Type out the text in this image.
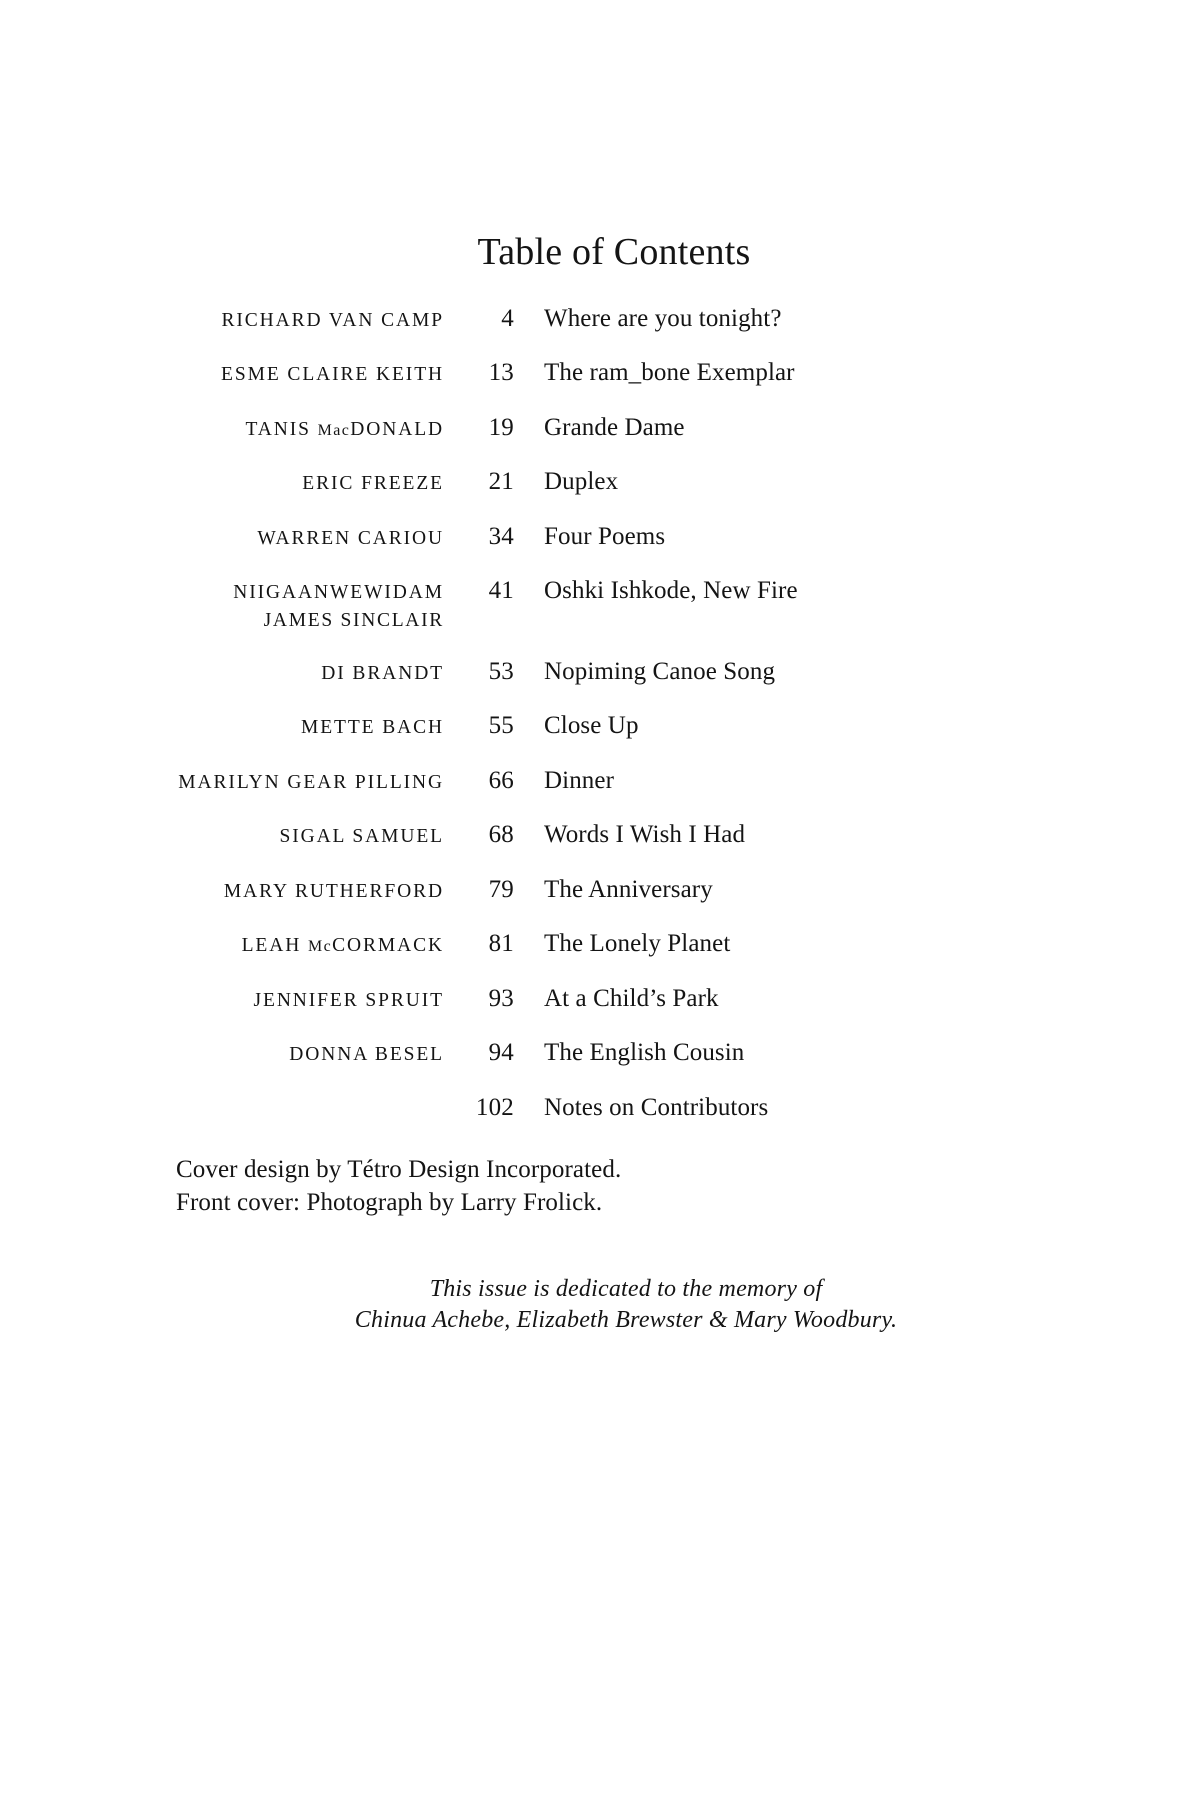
Table of Contents
RICHARD VAN CAMP	4	Where are you tonight?
ESME CLAIRE KEITH	13	The ram_bone Exemplar
TANIS MacDONALD	19	Grande Dame
ERIC FREEZE	21	Duplex
WARREN CARIOU	34	Four Poems
NIIGAANWEWIDAM	41	Oshki Ishkode, New Fire
JAMES SINCLAIR		
DI BRANDT	53	Nopiming Canoe Song
METTE BACH	55	Close Up
MARILYN GEAR PILLING	66	Dinner
SIGAL SAMUEL	68	Words I Wish I Had
MARY RUTHERFORD	79	The Anniversary
LEAH McCORMACK	81	The Lonely Planet
JENNIFER SPRUIT	93	At a Child’s Park
DONNA BESEL	94	The English Cousin
	102	Notes on Contributors
Cover design by Tétro Design Incorporated.
Front cover: Photograph by Larry Frolick.
This issue is dedicated to the memory of
Chinua Achebe, Elizabeth Brewster & Mary Woodbury.
